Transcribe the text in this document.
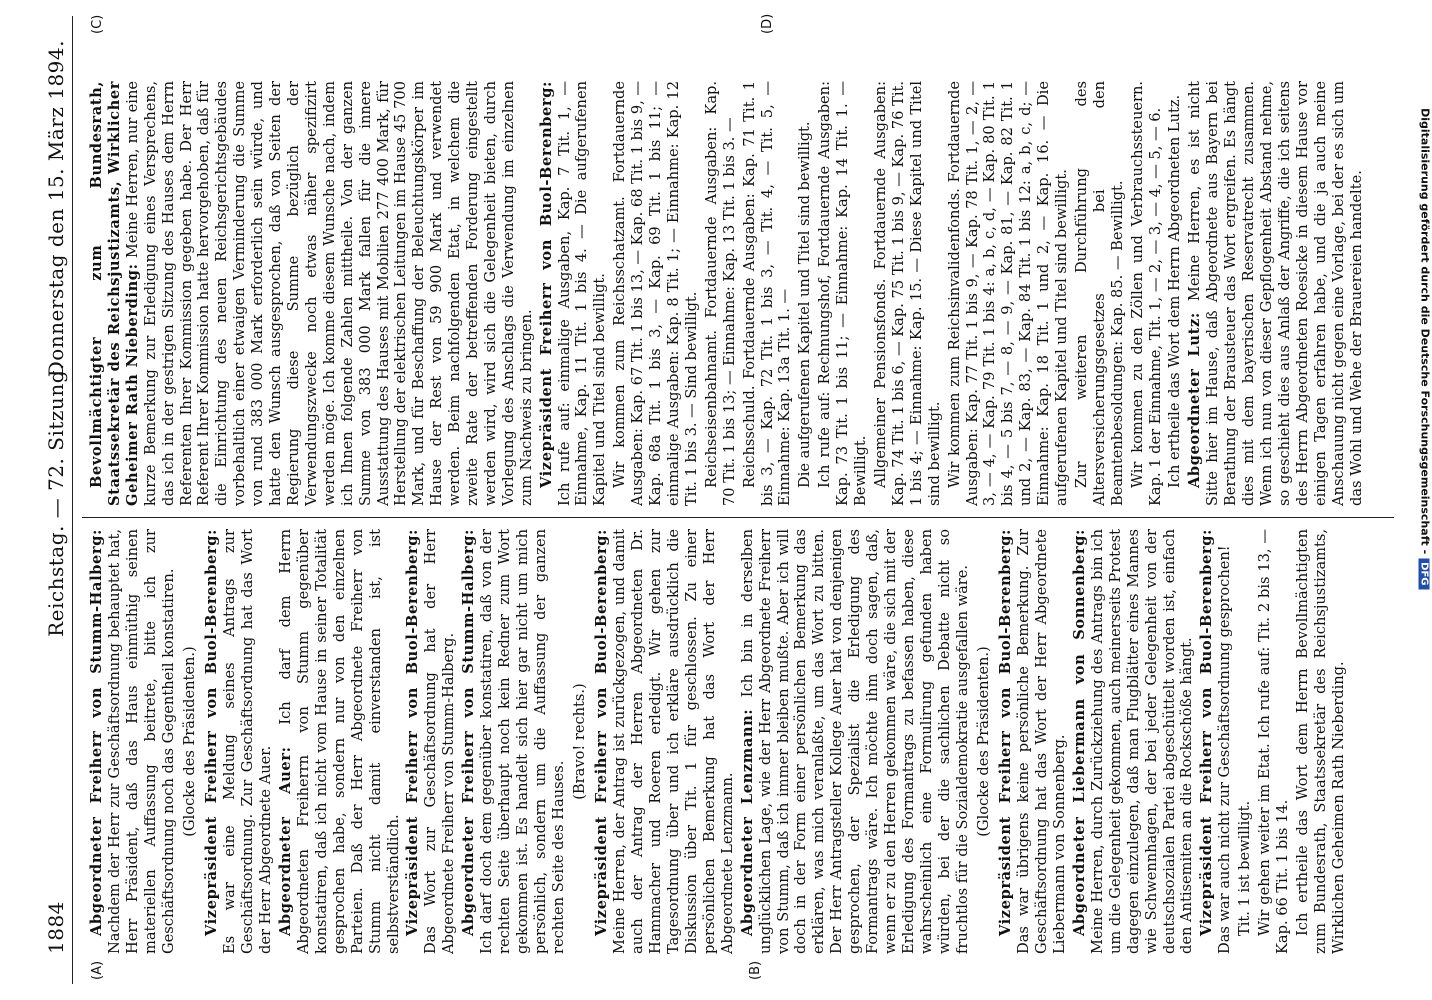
1884
Reichstag. — 72. Sitzung.
Donnerstag den 15. März 1894.
(A)	(B)
(C)	(D)

Abgeordneter Freiherr von Stumm-Halberg: Nachdem der Herr zur Geschäftsordnung behauptet hat, Herr Präsident, daß das Haus einmüthig seinen materiellen Auffassung beitrete, bitte ich zur Geschäftsordnung noch das Gegentheil konstatiren. (Glocke des Präsidenten.) Vizepräsident Freiherr von Buol-Berenberg: Es war eine Meldung seines Antrags zur Geschäftsordnung. Zur Geschäftsordnung hat das Wort der Herr Abgeordnete Auer. Abgeordneter Auer: Ich darf dem Herrn Abgeordneten Freiherrn von Stumm gegenüber konstatiren, daß ich nicht vom Hause in seiner Totalität gesprochen habe, sondern nur von den einzelnen Parteien. Daß der Herr Abgeordnete Freiherr von Stumm nicht damit einverstanden ist, ist selbstverständlich. Vizepräsident Freiherr von Buol-Berenberg: Das Wort zur Geschäftsordnung hat der Herr Abgeordnete Freiherr von Stumm-Halberg. Abgeordneter Freiherr von Stumm-Halberg: Ich darf doch dem gegenüber konstatiren, daß von der rechten Seite überhaupt noch kein Redner zum Wort gekommen ist. Es handelt sich hier gar nicht um mich persönlich, sondern um die Auffassung der ganzen rechten Seite des Hauses.

(Bravo! rechts.) Vizepräsident Freiherr von Buol-Berenberg: Meine Herren, der Antrag ist zurückgezogen, und damit auch der Antrag der Herren Abgeordneten Dr. Hammacher und Roeren erledigt. Wir gehen zur Tagesordnung über und ich erkläre ausdrücklich die Diskussion über Tit. 1 für geschlossen. Zu einer persönlichen Bemerkung hat das Wort der Herr Abgeordnete Lenzmann. Abgeordneter Lenzmann: Ich bin in derselben unglücklichen Lage, wie der Herr Abgeordnete Freiherr von Stumm, daß ich immer bleiben mußte. Aber ich will doch in der Form einer persönlichen Bemerkung das erklären, was mich veranlaßte, um das Wort zu bitten. Der Herr Antragsteller Kollege Auer hat von denjenigen gesprochen, der Spezialist die Erledigung des Formantrags wäre. Ich möchte ihm doch sagen, daß, wenn er zu den Herren gekommen wäre, die sich mit der Erledigung des Formantrags zu befassen haben, diese wahrscheinlich eine Formulirung gefunden haben würden, bei der die sachlichen Debatte nicht so fruchtlos für die Sozialdemokratie ausgefallen wäre. (Glocke des Präsidenten.) Vizepräsident Freiherr von Buol-Berenberg: Das war übrigens keine persönliche Bemerkung. Zur Geschäftsordnung hat das Wort der Herr Abgeordnete Liebermann von Sonnenberg. Abgeordneter Liebermann von Sonnenberg: Meine Herren, durch Zurückziehung des Antrags bin ich um die Gelegenheit gekommen, auch meinerseits Protest dagegen einzulegen, daß man Flugblätter eines Mannes wie Schwennhagen, der bei jeder Gelegenheit von der deutschsozialen Partei abgeschüttelt worden ist, einfach den Antisemiten an die Rockschöße hängt. Vizepräsident Freiherr von Buol-Berenberg: Das war auch nicht zur Geschäftsordnung gesprochen! Tit. 1 ist bewilligt. Wir gehen weiter im Etat. Ich rufe auf: Tit. 2 bis 13, — Kap. 66 Tit. 1 bis 14. Ich ertheile das Wort dem Herrn Bevollmächtigten zum Bundesrath, Staatssekretär des Reichsjustizamts, Wirklichen Geheimen Rath Nieberding.

Bevollmächtigter zum Bundesrath, Staatssekretär des Reichsjustizamts, Wirklicher Geheimer Rath Nieberding: Meine Herren, nur eine kurze Bemerkung zur Erledigung eines Versprechens, das ich in der gestrigen Sitzung des Hauses dem Herrn Referenten Ihrer Kommission gegeben habe. Der Herr Referent Ihrer Kommission hatte hervorgehoben, daß für die Einrichtung des neuen Reichsgerichtsgebäudes vorbehaltlich einer etwaigen Verminderung die Summe von rund 383 000 Mark erforderlich sein würde, und hatte den Wunsch ausgesprochen, daß von Seiten der Regierung diese Summe bezüglich der Verwendungszwecke noch etwas näher spezifizirt werden möge. Ich komme diesem Wunsche nach, indem ich Ihnen folgende Zahlen mittheile. Von der ganzen Summe von 383 000 Mark fallen für die innere Ausstattung des Hauses mit Mobilien 277 400 Mark, für Herstellung der elektrischen Leitungen im Hause 45 700 Mark, und für Beschaffung der Beleuchtungskörper im Hause der Rest von 59 900 Mark und verwendet werden. Beim nachfolgenden Etat, in welchem die zweite Rate der betreffenden Forderung eingestellt werden wird, wird sich die Gelegenheit bieten, durch Vorlegung des Anschlags die Verwendung im einzelnen zum Nachweis zu bringen. Vizepräsident Freiherr von Buol-Berenberg: Ich rufe auf: einmalige Ausgaben, Kap. 7 Tit. 1, — Einnahme, Kap. 11 Tit. 1 bis 4. — Die aufgerufenen Kapitel und Titel sind bewilligt. Wir kommen zum Reichsschatzamt. Fortdauernde Ausgaben: Kap. 67 Tit. 1 bis 13, — Kap. 68 Tit. 1 bis 9, — Kap. 68a Tit. 1 bis 3, — Kap. 69 Tit. 1 bis 11; — einmalige Ausgaben: Kap. 8 Tit. 1; — Einnahme: Kap. 12 Tit. 1 bis 3. — Sind bewilligt. Reichseisenbahnamt. Fortdauernde Ausgaben: Kap. 70 Tit. 1 bis 13; — Einnahme: Kap. 13 Tit. 1 bis 3. — Reichsschuld. Fortdauernde Ausgaben: Kap. 71 Tit. 1 bis 3, — Kap. 72 Tit. 1 bis 3, — Tit. 4, — Tit. 5, — Einnahme: Kap. 13a Tit. 1. — Die aufgerufenen Kapitel und Titel sind bewilligt. Ich rufe auf: Rechnungshof, Fortdauernde Ausgaben: Kap. 73 Tit. 1 bis 11; — Einnahme: Kap. 14 Tit. 1. — Bewilligt. Allgemeiner Pensionsfonds. Fortdauernde Ausgaben: Kap. 74 Tit. 1 bis 6, — Kap. 75 Tit. 1 bis 9, — Kap. 76 Tit. 1 bis 4; — Einnahme: Kap. 15. — Diese Kapitel und Titel sind bewilligt. Wir kommen zum Reichsinvalidenfonds. Fortdauernde Ausgaben: Kap. 77 Tit. 1 bis 9, — Kap. 78 Tit. 1, — 2, — 3, — 4, — Kap. 79 Tit. 1 bis 4: a, b, c, d, — Kap. 80 Tit. 1 bis 4, — 5 bis 7, — 8, — 9, — Kap. 81, — Kap. 82 Tit. 1 und 2, — Kap. 83, — Kap. 84 Tit. 1 bis 12: a, b, c, d; — Einnahme: Kap. 18 Tit. 1 und 2, — Kap. 16. — Die aufgerufenen Kapitel und Titel sind bewilligt. Zur weiteren Durchführung des Altersversicherungsgesetzes bei den Beamtenbesoldungen: Kap. 85. — Bewilligt. Wir kommen zu den Zöllen und Verbrauchssteuern. Kap. 1 der Einnahme, Tit. 1, — 2, — 3, — 4, — 5, — 6. Ich ertheile das Wort dem Herrn Abgeordneten Lutz. Abgeordneter Lutz: Meine Herren, es ist nicht Sitte hier im Hause, daß Abgeordnete aus Bayern bei Berathung der Brausteuer das Wort ergreifen. Es hängt dies mit dem bayerischen Reservatrecht zusammen. Wenn ich nun von dieser Gepflogenheit Abstand nehme, so geschieht dies aus Anlaß der Angriffe, die ich seitens des Herrn Abgeordneten Roesicke in diesem Hause vor einigen Tagen erfahren habe, und die ja auch meine Anschauung nicht gegen eine Vorlage, bei der es sich um das Wohl und Wehe der Brauereien handelte.	Digitalisierung gefördert durch die Deutsche Forschungsgemeinschaft -DFG
